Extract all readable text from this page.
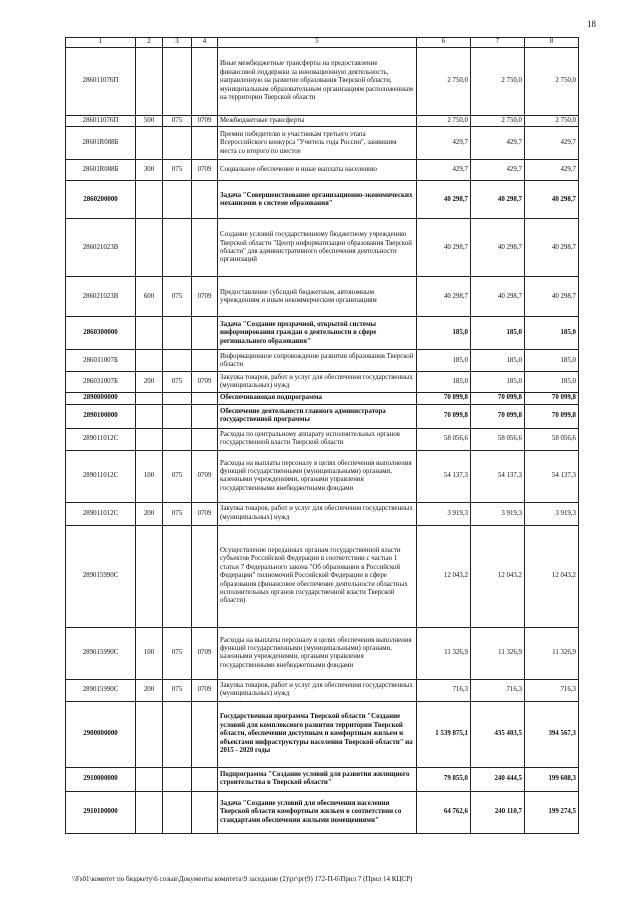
18
1	2	3	4	5	6	7	8
286011076П				Иные межбюджетные трансферты на предоставление финансовой поддержки за инновационную деятельность, направленную на развитие образования Тверской области, муниципальным образовательным организациям расположенным на территории Тверской области	2 750,0	2 750,0	2 750,0
286011076П	500	075	0709	Межбюджетные трансферты	2 750,0	2 750,0	2 750,0
28601R088Б				Премии победителю и участникам третьего этапа Всероссийского конкурса "Учитель года России", занявшим места со второго по шестое	429,7	429,7	429,7
28601R088Б	300	075	0709	Социальное обеспечение и иные выплаты населению	429,7	429,7	429,7
2860200000				Задача "Совершенствование организационно-экономических механизмов в системе образования"	40 298,7	40 298,7	40 298,7
286021023В				Создание условий государственному бюджетному учреждению Тверской области "Центр информатизации образования Тверской области" для административного обеспечения деятельности организаций	40 298,7	40 298,7	40 298,7
286021023В	600	075	0709	Предоставление субсидий бюджетным, автономным учреждениям и иным некоммерческим организациям	40 298,7	40 298,7	40 298,7
2860300000				Задача "Создание прозрачной, открытой системы информирования граждан о деятельности в сфере регионального образования"	185,0	185,0	185,0
286031007Б				Информационное сопровождение развития образования Тверской области	185,0	185,0	185,0
286031007Б	200	075	0709	Закупка товаров, работ и услуг для обеспечения государственных (муниципальных) нужд	185,0	185,0	185,0
2890000000				Обеспечивающая подпрограмма	70 099,8	70 099,8	70 099,8
2890100000				Обеспечение деятельности главного администратора государственной программы	70 099,8	70 099,8	70 099,8
289011012С				Расходы по центральному аппарату исполнительных органов государственной власти Тверской области	58 056,6	58 056,6	58 056,6
289011012С	100	075	0709	Расходы на выплаты персоналу в целях обеспечения выполнения функций государственными (муниципальными) органами, казенными учреждениями, органами управления государственными внебюджетными фондами	54 137,3	54 137,3	54 137,3
289011012С	200	075	0709	Закупка товаров, работ и услуг для обеспечения государственных (муниципальных) нужд	3 919,3	3 919,3	3 919,3
289015990С				Осуществление переданных органам государственной власти субъектов Российской Федерации в соответствии с частью 1 статьи 7 Федерального закона "Об образовании в Российской Федерации" полномочий Российской Федерации в сфере образования (финансовое обеспечение деятельности областных исполнительных органов государственной власти Тверской области)	12 043,2	12 043,2	12 043,2
289015990С	100	075	0709	Расходы на выплаты персоналу в целях обеспечения выполнения функций государственными (муниципальными) органами, казенными учреждениями, органами управления государственными внебюджетными фондами	11 326,9	11 326,9	11 326,9
289015990С	200	075	0709	Закупка товаров, работ и услуг для обеспечения государственных (муниципальных) нужд	716,3	716,3	716,3
2900000000				Государственная программа Тверской области "Создание условий для комплексного развития территории Тверской области, обеспечения доступным и комфортным жильем и объектами инфраструктуры населения Тверской области" на 2015 - 2020 годы	1 539 875,1	435 403,5	394 567,3
2910000000				Подпрограмма "Создание условий для развития жилищного строительства в Тверской области"	79 855,0	240 444,5	199 608,3
2910100000				Задача "Создание условий для обеспечения населения Тверской области комфортным жильем в соответствии со стандартами обеспечения жилыми помещениями"	64 762,6	240 110,7	199 274,5
\\Fs01\комитет по бюджету\6 созыв\Документы комитета\9 заседание (2)\рг\рг(9) 172-П-6\Прил 7 (Прил 14 КЦСР)
